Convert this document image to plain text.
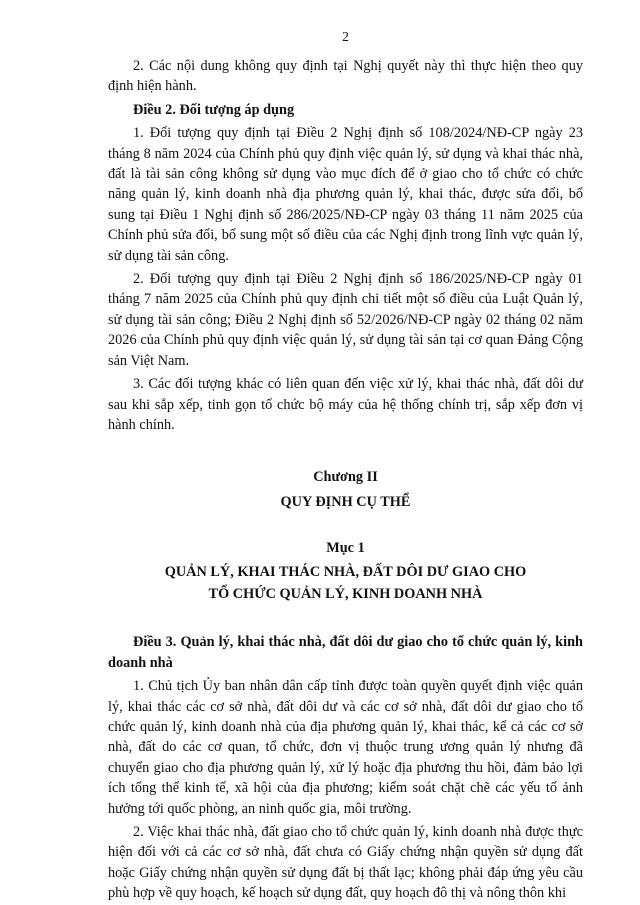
2

2. Các nội dung không quy định tại Nghị quyết này thì thực hiện theo quy định hiện hành.

Điều 2. Đối tượng áp dụng

1. Đối tượng quy định tại Điều 2 Nghị định số 108/2024/NĐ-CP ngày 23 tháng 8 năm 2024 của Chính phủ quy định việc quản lý, sử dụng và khai thác nhà, đất là tài sản công không sử dụng vào mục đích để ở giao cho tổ chức có chức năng quản lý, kinh doanh nhà địa phương quản lý, khai thác, được sửa đổi, bổ sung tại Điều 1 Nghị định số 286/2025/NĐ-CP ngày 03 tháng 11 năm 2025 của Chính phủ sửa đổi, bổ sung một số điều của các Nghị định trong lĩnh vực quản lý, sử dụng tài sản công.

2. Đối tượng quy định tại Điều 2 Nghị định số 186/2025/NĐ-CP ngày 01 tháng 7 năm 2025 của Chính phủ quy định chi tiết một số điều của Luật Quản lý, sử dụng tài sản công; Điều 2 Nghị định số 52/2026/NĐ-CP ngày 02 tháng 02 năm 2026 của Chính phủ quy định việc quản lý, sử dụng tài sản tại cơ quan Đảng Cộng sản Việt Nam.

3. Các đối tượng khác có liên quan đến việc xử lý, khai thác nhà, đất dôi dư sau khi sắp xếp, tinh gọn tổ chức bộ máy của hệ thống chính trị, sắp xếp đơn vị hành chính.

Chương II

QUY ĐỊNH CỤ THỂ

Mục 1

QUẢN LÝ, KHAI THÁC NHÀ, ĐẤT DÔI DƯ GIAO CHO

TỔ CHỨC QUẢN LÝ, KINH DOANH NHÀ

Điều 3. Quản lý, khai thác nhà, đất dôi dư giao cho tổ chức quản lý, kinh doanh nhà

1. Chủ tịch Ủy ban nhân dân cấp tỉnh được toàn quyền quyết định việc quản lý, khai thác các cơ sở nhà, đất dôi dư và các cơ sở nhà, đất dôi dư giao cho tổ chức quản lý, kinh doanh nhà của địa phương quản lý, khai thác, kể cả các cơ sở nhà, đất do các cơ quan, tổ chức, đơn vị thuộc trung ương quản lý nhưng đã chuyển giao cho địa phương quản lý, xử lý hoặc địa phương thu hồi, đảm bảo lợi ích tổng thể kinh tế, xã hội của địa phương; kiểm soát chặt chẽ các yếu tố ảnh hưởng tới quốc phòng, an ninh quốc gia, môi trường.

2. Việc khai thác nhà, đất giao cho tổ chức quản lý, kinh doanh nhà được thực hiện đối với cả các cơ sở nhà, đất chưa có Giấy chứng nhận quyền sử dụng đất hoặc Giấy chứng nhận quyền sử dụng đất bị thất lạc; không phải đáp ứng yêu cầu phù hợp về quy hoạch, kế hoạch sử dụng đất, quy hoạch đô thị và nông thôn khi
